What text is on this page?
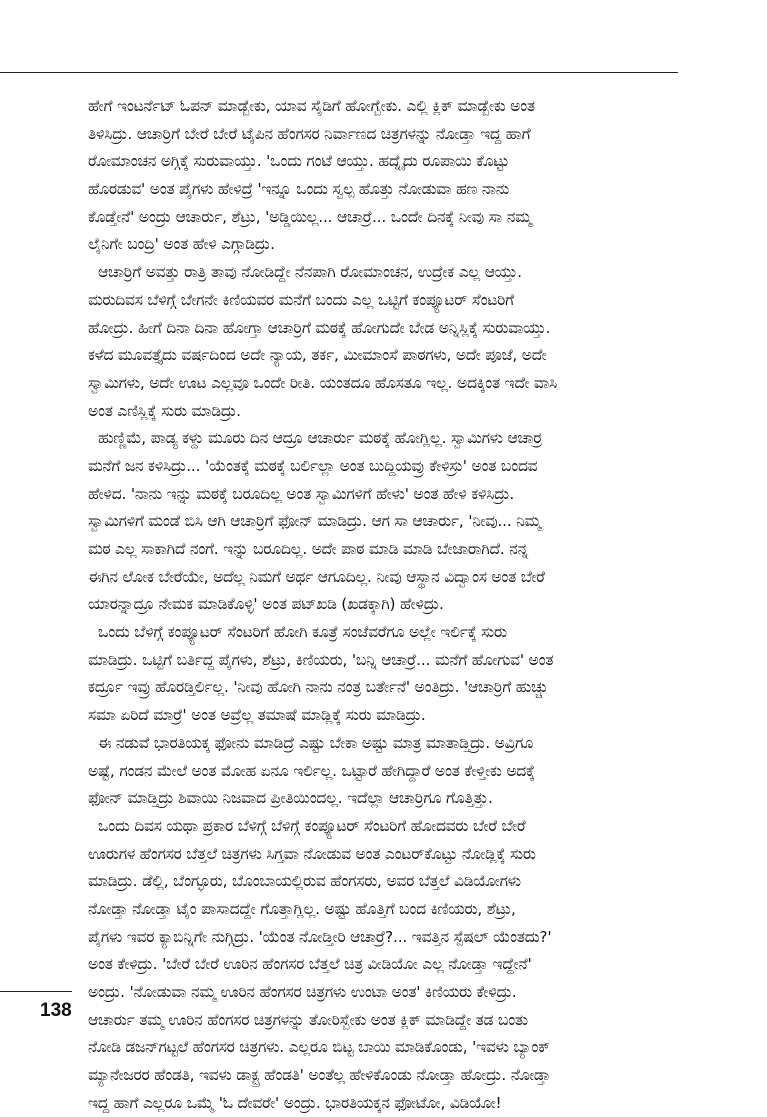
ಹೇಗೆ ಇಂಟರ್ನೆಟ್ ಓಪನ್ ಮಾಡ್ಬೇಕು, ಯಾವ ಸೈಡಿಗೆ ಹೋಗ್ಬೇಕು. ಎಲ್ಲಿ ಕ್ಲಿಕ್ ಮಾಡ್ಬೇಕು ಅಂತ
ತಿಳಿಸಿದ್ರು. ಆಚಾರ್ರಿಗೆ ಬೇರೆ ಬೇರೆ ಟೈಪಿನ ಹೆಂಗಸರ ನಿರ್ವಾಣದ ಚಿತ್ರಗಳನ್ನು ನೋಡ್ತಾ ಇದ್ದ ಹಾಗೆ
ರೋಮಾಂಚನ ಅಗ್ಗಿಕ್ಕೆ ಸುರುವಾಯ್ತು. 'ಒಂದು ಗಂಟೆ ಆಯ್ತು. ಹದ್ನೈದು ರೂಪಾಯಿ ಕೊಟ್ಟು
ಹೊರಡುವ' ಅಂತ ಪೈಗಳು ಹೇಳಿದ್ರೆ 'ಇನ್ನೂ ಒಂದು ಸ್ವಲ್ಪ ಹೊತ್ತು ನೋಡುವಾ ಹಣ ನಾನು
ಕೊಡ್ತೇನೆ' ಅಂದ್ರು ಆಚಾರ್ರು, ಶೆಟ್ರು, 'ಅಡ್ಡಿಯಿಲ್ಲ... ಆಚಾರ್ರೆ... ಒಂದೇ ದಿನಕ್ಕೆ ನೀವು ಸಾ ನಮ್ಮ
ಲೈನಿಗೇ ಬಂದ್ರಿ' ಅಂತ ಹೇಳಿ ಎಗ್ಗಾಡಿದ್ರು.
ಆಚಾರ್ರಿಗೆ ಅವತ್ತು ರಾತ್ರಿ ತಾವು ನೋಡಿದ್ದೇ ನೆನಪಾಗಿ ರೋಮಾಂಚನ, ಉದ್ರೇಕ ಎಲ್ಲ ಆಯ್ತು.
ಮರುದಿವಸ ಬೆಳಿಗ್ಗೆ ಬೇಗನೇ ಕಿಣಿಯವರ ಮನೆಗೆ ಬಂದು ಎಲ್ಲ ಒಟ್ಟಿಗೆ ಕಂಪ್ಯೂಟರ್ ಸೆಂಟರಿಗೆ
ಹೋದ್ರು. ಹೀಗೆ ದಿನಾ ದಿನಾ ಹೋಗ್ತಾ ಆಚಾರ್ರಿಗೆ ಮಠಕ್ಕೆ ಹೋಗುದೇ ಬೇಡ ಅನ್ನಿಸ್ಲಿಕ್ಕೆ ಸುರುವಾಯ್ತು.
ಕಳೆದ ಮೂವತ್ತೈದು ವರ್ಷದಿಂದ ಅದೇ ನ್ಯಾಯ, ತರ್ಕ, ಮೀಮಾಂಸೆ ಪಾಠಗಳು, ಅದೇ ಪೂಜೆ, ಅದೇ
ಸ್ವಾಮಿಗಳು, ಅದೇ ಊಟ ಎಲ್ಲವೂ ಒಂದೇ ರೀತಿ. ಯಂತದೂ ಹೊಸತೂ ಇಲ್ಲ. ಅದಕ್ಕಿಂತ ಇದೇ ವಾಸಿ
ಅಂತ ಎಣಿಸ್ಲಿಕ್ಕೆ ಸುರು ಮಾಡಿದ್ರು.
ಹುಣ್ಣಿಮೆ, ಪಾಡ್ಯ ಕಳ್ದು ಮೂರು ದಿನ ಆದ್ರೂ ಆಚಾರ್ರು ಮಠಕ್ಕೆ ಹೋಗ್ಲಿಲ್ಲ. ಸ್ವಾಮಿಗಳು ಆಚಾರ್ರ
ಮನೆಗೆ ಜನ ಕಳಿಸಿದ್ರು... 'ಯೆಂತಕ್ಕೆ ಮಠಕ್ಕೆ ಬರ್ಲಿಲ್ಲಾ ಅಂತ ಬುದ್ದಿಯವ್ರು ಕೇಳಿಸ್ರು' ಅಂತ ಬಂದವ
ಹೇಳಿದ. 'ನಾನು ಇನ್ನು ಮಠಕ್ಕೆ ಬರೂದಿಲ್ಲ ಅಂತ ಸ್ವಾಮಿಗಳಿಗೆ ಹೇಳು' ಅಂತ ಹೇಳಿ ಕಳಿಸಿದ್ರು.
ಸ್ವಾಮಿಗಳಿಗೆ ಮಂಡೆ ಬಿಸಿ ಆಗಿ ಆಚಾರ್ರಿಗೆ ಫೋನ್ ಮಾಡಿದ್ರು. ಆಗ ಸಾ ಆಚಾರ್ರು, 'ನೀವು... ನಿಮ್ಮ
ಮಠ ಎಲ್ಲ ಸಾಕಾಗಿದೆ ನಂಗೆ. ಇನ್ನು ಬರೂದಿಲ್ಲ. ಅದೇ ಪಾಠ ಮಾಡಿ ಮಾಡಿ ಬೇಜಾರಾಗಿದೆ. ನನ್ನ
ಈಗಿನ ಲೋಕ ಬೇರೆಯೇ, ಅದೆಲ್ಲ ನಿಮಗೆ ಅರ್ಥ ಆಗೂದಿಲ್ಲ. ನೀವು ಆಸ್ಥಾನ ವಿದ್ವಾಂಸ ಅಂತ ಬೇರೆ
ಯಾರನ್ನಾದ್ರೂ ನೇಮಕ ಮಾಡಿಕೊಳ್ಳಿ' ಅಂತ ಪಟ್‌ಖಡಿ (ಖಡಕ್ಕಾಗಿ) ಹೇಳಿದ್ರು.
ಒಂದು ಬೆಳಿಗ್ಗೆ ಕಂಪ್ಯೂಟರ್ ಸೆಂಟರಿಗೆ ಹೋಗಿ ಕೂತ್ರೆ ಸಂಜೆವರೆಗೂ ಅಲ್ಲೇ ಇರ್ಲಿಕ್ಕೆ ಸುರು
ಮಾಡಿದ್ರು. ಒಟ್ಟಿಗೆ ಬರ್ತಿದ್ದ ಪೈಗಳು, ಶೆಟ್ರು, ಕಿಣಿಯರು, 'ಬನ್ನಿ ಆಚಾರ್ರೆ... ಮನೆಗೆ ಹೋಗುವ' ಅಂತ
ಕರ್ದ್ರೂ ಇವ್ರು ಹೊರಡ್ತಿರ್ಲಿಲ್ಲ. 'ನೀವು ಹೋಗಿ ನಾನು ನಂತ್ರ ಬರ್ತೇನೆ' ಅಂತಿದ್ರು. 'ಆಚಾರ್ರಿಗೆ ಹುಚ್ಚು
ಸಮಾ ಏರಿದೆ ಮಾರ್ರೆ' ಅಂತ ಅವ್ರೆಲ್ಲ ತಮಾಷೆ ಮಾಡ್ಲಿಕ್ಕೆ ಸುರು ಮಾಡಿದ್ರು.
ಈ ನಡುವೆ ಭಾರತಿಯಕ್ಕ ಫೋನು ಮಾಡಿದ್ರೆ ಎಷ್ಟು ಬೇಕಾ ಅಷ್ಟು ಮಾತ್ರ ಮಾತಾಡ್ತಿದ್ರು. ಅವ್ರಿಗೂ
ಅಷ್ಟೆ, ಗಂಡನ ಮೇಲೆ ಅಂತ ಮೋಹ ಏನೂ ಇರ್ಲಿಲ್ಲ. ಒಟ್ಟಾರೆ ಹೇಗಿದ್ದಾರೆ ಅಂತ ಕೇಳ್ತೀಕು ಅದಕ್ಕೆ
ಫೋನ್ ಮಾಡ್ತಿದ್ರು ಶಿವಾಯಿ ನಿಜವಾದ ಪ್ರೀತಿಯಿಂದಲ್ಲ. ಇದೆಲ್ಲಾ ಆಚಾರ್ರಿಗೂ ಗೊತ್ತಿತ್ತು.
ಒಂದು ದಿವಸ ಯಥಾ ಪ್ರಕಾರ ಬೆಳಿಗ್ಗೆ ಬೆಳಿಗ್ಗೆ ಕಂಪ್ಯೂಟರ್ ಸೆಂಟರಿಗೆ ಹೋದವರು ಬೇರೆ ಬೇರೆ
ಊರುಗಳ ಹೆಂಗಸರ ಬೆತ್ತಲೆ ಚಿತ್ರಗಳು ಸಿಗ್ತವಾ ನೋಡುವ ಅಂತ ಎಂಟರ್‌ಕೊಟ್ಟು ನೋಡ್ಲಿಕ್ಕೆ ಸುರು
ಮಾಡಿದ್ರು. ಡೆಲ್ಲಿ, ಬೆಂಗ್ಳೂರು, ಬೊಂಬಾಯಲ್ಲಿರುವ ಹೆಂಗಸರು, ಅವರ ಬೆತ್ತಲೆ ವಿಡಿಯೋಗಳು
ನೋಡ್ತಾ ನೋಡ್ತಾ ಟೈಂ ಪಾಸಾದದ್ದೇ ಗೊತ್ತಾಗ್ಲಿಲ್ಲ. ಅಷ್ಟು ಹೊತ್ತಿಗೆ ಬಂದ ಕಿಣಿಯರು, ಶೆಟ್ರು,
ಪೈಗಳು ಇವರ ಕ್ಯಾಬಿನ್ನಿಗೇ ನುಗ್ಗಿದ್ರು. 'ಯೆಂತ ನೋಡ್ತೀರಿ ಆಚಾರ್ರೆ?... ಇವತ್ತಿನ ಸ್ಪೆಷಲ್ ಯೆಂತದು?'
ಅಂತ ಕೇಳಿದ್ರು. 'ಬೇರೆ ಬೇರೆ ಊರಿನ ಹೆಂಗಸರ ಬೆತ್ತಲೆ ಚಿತ್ರ ವೀಡಿಯೋ ಎಲ್ಲ ನೋಡ್ತಾ ಇದ್ದೇನೆ'
ಅಂದ್ರು. 'ನೋಡುವಾ ನಮ್ಮ ಊರಿನ ಹೆಂಗಸರ ಚಿತ್ರಗಳು ಉಂಟಾ ಅಂತ' ಕಿಣಿಯರು ಕೇಳಿದ್ರು.
ಆಚಾರ್ರು ತಮ್ಮ ಊರಿನ ಹೆಂಗಸರ ಚಿತ್ರಗಳನ್ನು ತೋರಿಸ್ಬೇಕು ಅಂತ ಕ್ಲಿಕ್ ಮಾಡಿದ್ದೇ ತಡ ಬಂತು
ನೋಡಿ ಡಜನ್‌ಗಟ್ಟಲೆ ಹೆಂಗಸರ ಚಿತ್ರಗಳು. ಎಲ್ಲರೂ ಬಿಟ್ಟ ಬಾಯಿ ಮಾಡಿಕೊಂಡು, 'ಇವಳು ಬ್ಯಾಂಕ್
ಮ್ಯಾನೇಜರರ ಹೆಂಡತಿ, ಇವಳು ಡಾಕ್ಟ್ರ ಹೆಂಡತಿ' ಅಂತೆಲ್ಲ ಹೇಳಿಕೊಂಡು ನೋಡ್ತಾ ಹೋದ್ರು. ನೋಡ್ತಾ
ಇದ್ದ ಹಾಗೆ ಎಲ್ಲರೂ ಒಮ್ಮೆ 'ಓ ದೇವರೇ' ಅಂದ್ರು. ಭಾರತಿಯಕ್ಕನ ಫೋಟೋ, ವಿಡಿಯೋ!
138
